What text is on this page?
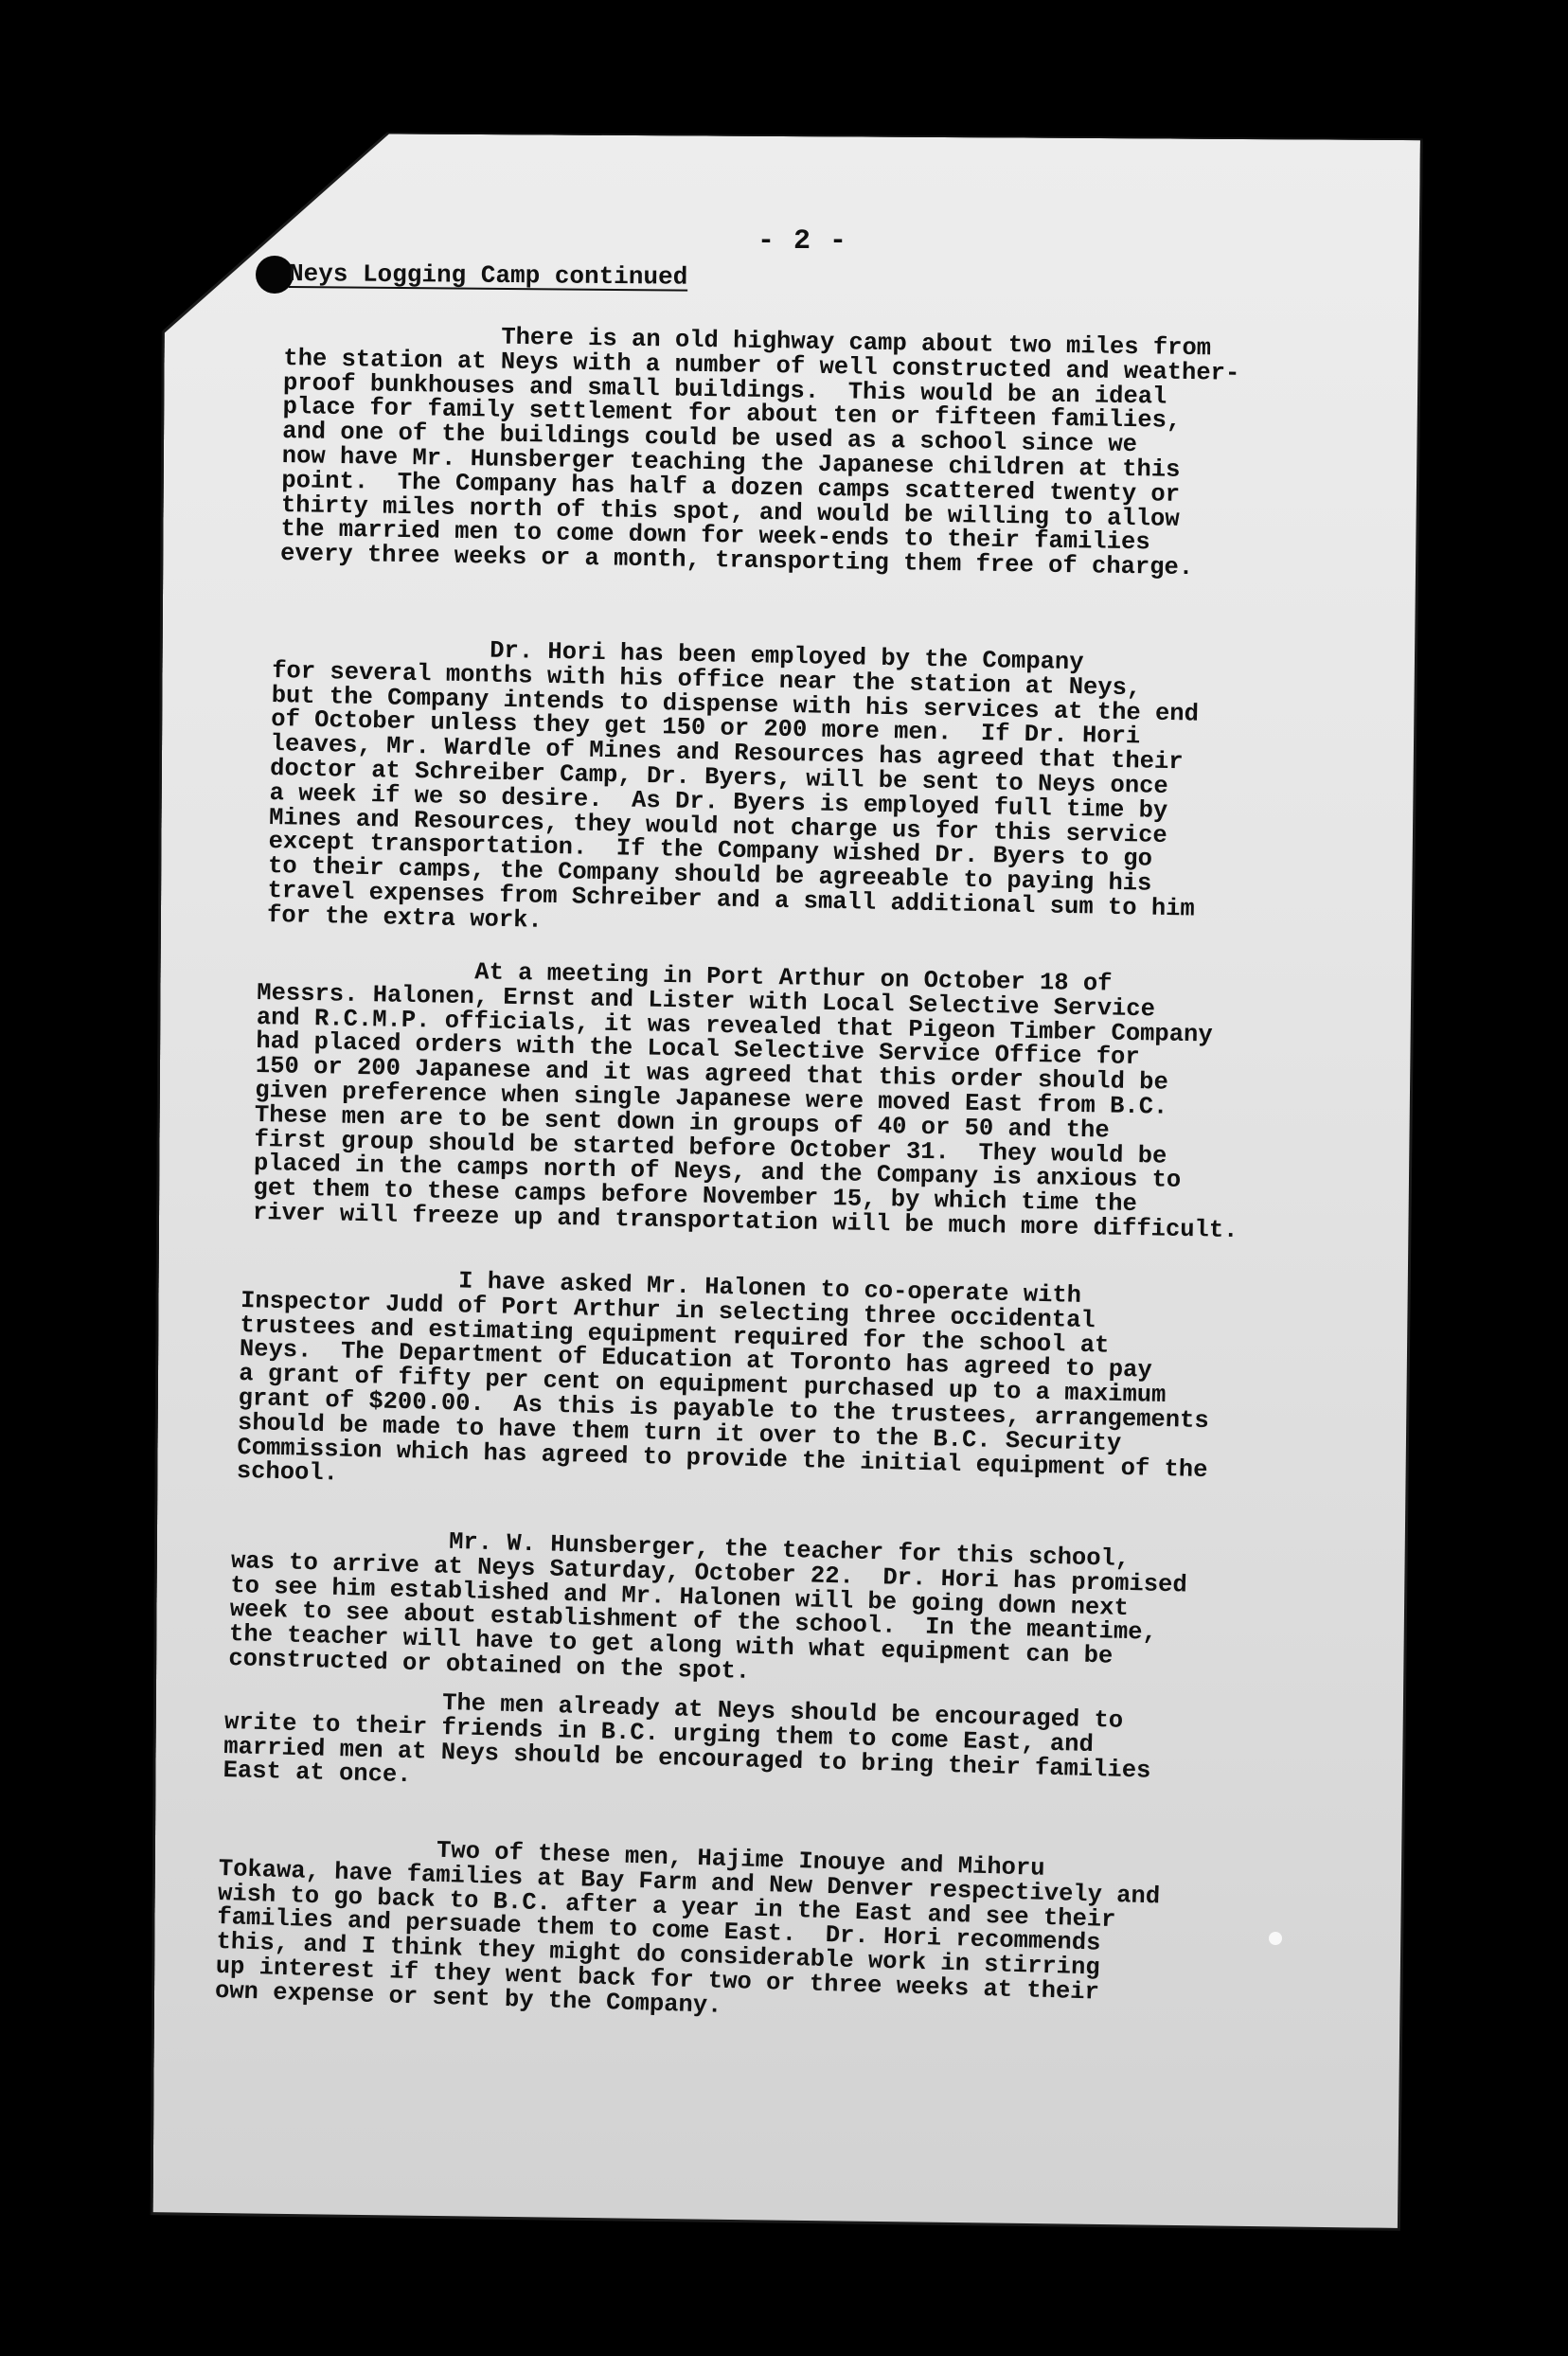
- 2 -
Neys Logging Camp continued

There is an old highway camp about two miles from
the station at Neys with a number of well constructed and weather-
proof bunkhouses and small buildings.  This would be an ideal
place for family settlement for about ten or fifteen families,
and one of the buildings could be used as a school since we
now have Mr. Hunsberger teaching the Japanese children at this
point.  The Company has half a dozen camps scattered twenty or
thirty miles north of this spot, and would be willing to allow
the married men to come down for week-ends to their families
every three weeks or a month, transporting them free of charge.

Dr. Hori has been employed by the Company
for several months with his office near the station at Neys,
but the Company intends to dispense with his services at the end
of October unless they get 150 or 200 more men.  If Dr. Hori
leaves, Mr. Wardle of Mines and Resources has agreed that their
doctor at Schreiber Camp, Dr. Byers, will be sent to Neys once
a week if we so desire.  As Dr. Byers is employed full time by
Mines and Resources, they would not charge us for this service
except transportation.  If the Company wished Dr. Byers to go
to their camps, the Company should be agreeable to paying his
travel expenses from Schreiber and a small additional sum to him
for the extra work.

At a meeting in Port Arthur on October 18 of
Messrs. Halonen, Ernst and Lister with Local Selective Service
and R.C.M.P. officials, it was revealed that Pigeon Timber Company
had placed orders with the Local Selective Service Office for
150 or 200 Japanese and it was agreed that this order should be
given preference when single Japanese were moved East from B.C.
These men are to be sent down in groups of 40 or 50 and the
first group should be started before October 31.  They would be
placed in the camps north of Neys, and the Company is anxious to
get them to these camps before November 15, by which time the
river will freeze up and transportation will be much more difficult.

I have asked Mr. Halonen to co-operate with
Inspector Judd of Port Arthur in selecting three occidental
trustees and estimating equipment required for the school at
Neys.  The Department of Education at Toronto has agreed to pay
a grant of fifty per cent on equipment purchased up to a maximum
grant of $200.00.  As this is payable to the trustees, arrangements
should be made to have them turn it over to the B.C. Security
Commission which has agreed to provide the initial equipment of the
school.

Mr. W. Hunsberger, the teacher for this school,
was to arrive at Neys Saturday, October 22.  Dr. Hori has promised
to see him established and Mr. Halonen will be going down next
week to see about establishment of the school.  In the meantime,
the teacher will have to get along with what equipment can be
constructed or obtained on the spot.

The men already at Neys should be encouraged to
write to their friends in B.C. urging them to come East, and
married men at Neys should be encouraged to bring their families
East at once.

Two of these men, Hajime Inouye and Mihoru
Tokawa, have families at Bay Farm and New Denver respectively and
wish to go back to B.C. after a year in the East and see their
families and persuade them to come East.  Dr. Hori recommends
this, and I think they might do considerable work in stirring
up interest if they went back for two or three weeks at their
own expense or sent by the Company.
